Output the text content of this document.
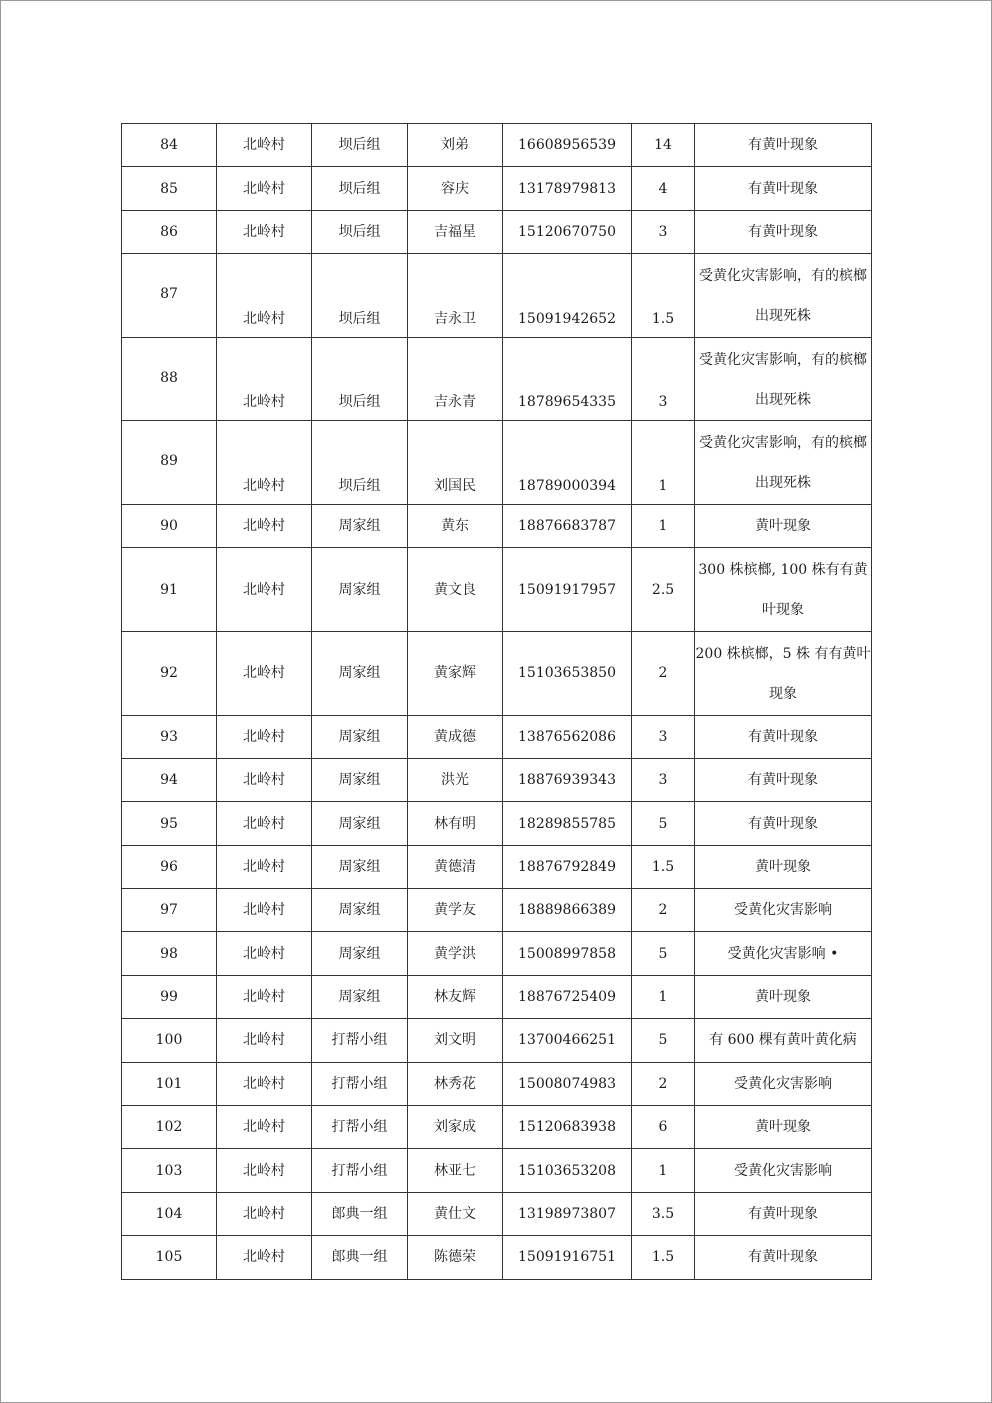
84	北岭村	坝后组	刘弟	16608956539	14	有黄叶现象
85	北岭村	坝后组	容庆	13178979813	4	有黄叶现象
86	北岭村	坝后组	吉福星	15120670750	3	有黄叶现象
87	北岭村	坝后组	吉永卫	15091942652	1.5	受黄化灾害影响，有的槟榔出现死株
88	北岭村	坝后组	吉永青	18789654335	3	受黄化灾害影响，有的槟榔出现死株
89	北岭村	坝后组	刘国民	18789000394	1	受黄化灾害影响，有的槟榔出现死株
90	北岭村	周家组	黄东	18876683787	1	黄叶现象
91	北岭村	周家组	黄文良	15091917957	2.5	300 株槟榔, 100 株有有黄叶现象
92	北岭村	周家组	黄家辉	15103653850	2	200 株槟榔，5 株 有有黄叶现象
93	北岭村	周家组	黄成德	13876562086	3	有黄叶现象
94	北岭村	周家组	洪光	18876939343	3	有黄叶现象
95	北岭村	周家组	林有明	18289855785	5	有黄叶现象
96	北岭村	周家组	黄德清	18876792849	1.5	黄叶现象
97	北岭村	周家组	黄学友	18889866389	2	受黄化灾害影响
98	北岭村	周家组	黄学洪	15008997858	5	受黄化灾害影响 •
99	北岭村	周家组	林友辉	18876725409	1	黄叶现象
100	北岭村	打帮小组	刘文明	13700466251	5	有 600 棵有黄叶黄化病
101	北岭村	打帮小组	林秀花	15008074983	2	受黄化灾害影响
102	北岭村	打帮小组	刘家成	15120683938	6	黄叶现象
103	北岭村	打帮小组	林亚七	15103653208	1	受黄化灾害影响
104	北岭村	郎典一组	黄仕文	13198973807	3.5	有黄叶现象
105	北岭村	郎典一组	陈德荣	15091916751	1.5	有黄叶现象
